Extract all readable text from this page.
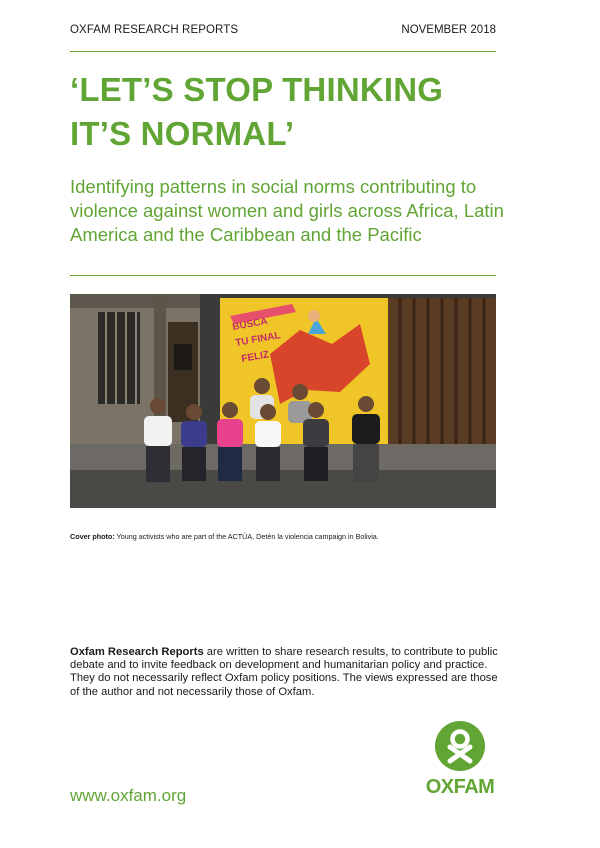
OXFAM RESEARCH REPORTS	NOVEMBER 2018
‘LET’S STOP THINKING
IT’S NORMAL’

Identifying patterns in social norms contributing to violence against women and girls across Africa, Latin America and the Caribbean and the Pacific

BUSCA
TU FINAL
FELIZ
Cover photo: Young activists who are part of the ACTÚA, Detén la violencia campaign in Bolivia.

Oxfam Research Reports are written to share research results, to contribute to public debate and to invite feedback on development and humanitarian policy and practice. They do not necessarily reflect Oxfam policy positions. The views expressed are those of the author and not necessarily those of Oxfam.

www.oxfam.org	OXFAM
